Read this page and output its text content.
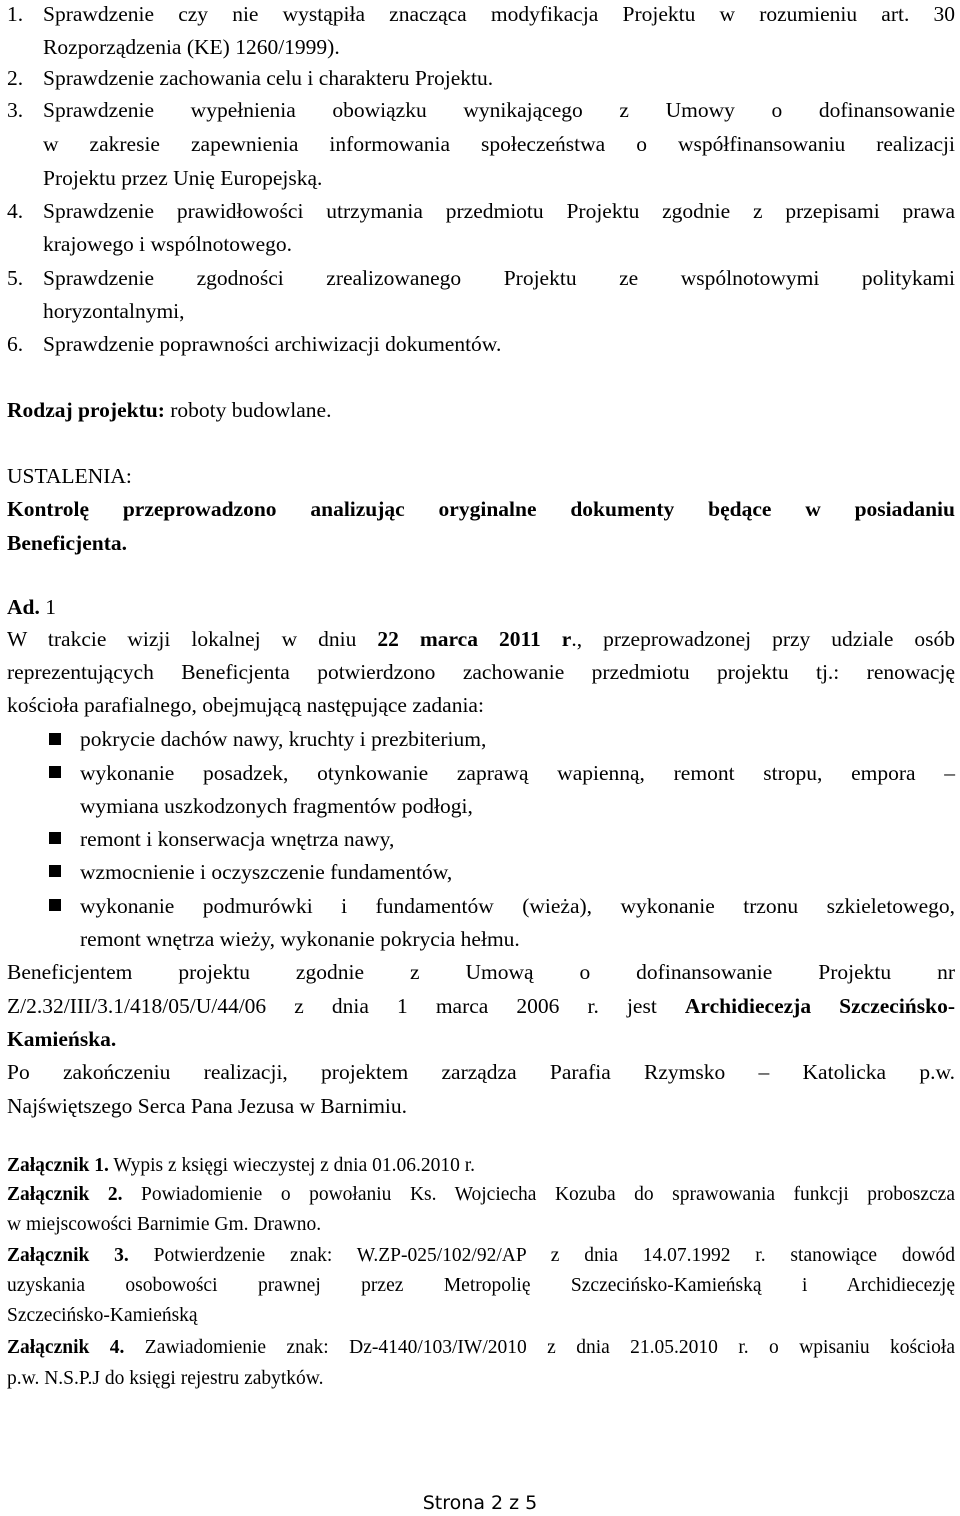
1. Sprawdzenie czy nie wystąpiła znacząca modyfikacja Projektu w rozumieniu art. 30
Rozporządzenia (KE) 1260/1999).
2. Sprawdzenie zachowania celu i charakteru Projektu.
3. Sprawdzenie wypełnienia obowiązku wynikającego z Umowy o dofinansowanie
w zakresie zapewnienia informowania społeczeństwa o współfinansowaniu realizacji
Projektu przez Unię Europejską.
4. Sprawdzenie prawidłowości utrzymania przedmiotu Projektu zgodnie z przepisami prawa
krajowego i wspólnotowego.
5. Sprawdzenie zgodności zrealizowanego Projektu ze wspólnotowymi politykami
horyzontalnymi,
6. Sprawdzenie poprawności archiwizacji dokumentów.
Rodzaj projektu: roboty budowlane.
USTALENIA:
Kontrolę przeprowadzono analizując oryginalne dokumenty będące w posiadaniu
Beneficjenta.
Ad. 1
W trakcie wizji lokalnej w dniu 22 marca 2011 r., przeprowadzonej przy udziale osób
reprezentujących Beneficjenta potwierdzono zachowanie przedmiotu projektu tj.: renowację
kościoła parafialnego, obejmującą następujące zadania:
pokrycie dachów nawy, kruchty i prezbiterium,
wykonanie posadzek, otynkowanie zaprawą wapienną, remont stropu, empora –
wymiana uszkodzonych fragmentów podłogi,
remont i konserwacja wnętrza nawy,
wzmocnienie i oczyszczenie fundamentów,
wykonanie podmurówki i fundamentów (wieża), wykonanie trzonu szkieletowego,
remont wnętrza wieży, wykonanie pokrycia hełmu.
Beneficjentem projektu zgodnie z Umową o dofinansowanie Projektu nr
Z/2.32/III/3.1/418/05/U/44/06 z dnia 1 marca 2006 r. jest Archidiecezja Szczecińsko-
Kamieńska.
Po zakończeniu realizacji, projektem zarządza Parafia Rzymsko – Katolicka p.w.
Najświętszego Serca Pana Jezusa w Barnimiu.
Załącznik 1. Wypis z księgi wieczystej z dnia 01.06.2010 r.
Załącznik 2. Powiadomienie o powołaniu Ks. Wojciecha Kozuba do sprawowania funkcji proboszcza
w miejscowości Barnimie Gm. Drawno.
Załącznik 3. Potwierdzenie znak: W.ZP-025/102/92/AP z dnia 14.07.1992 r. stanowiące dowód
uzyskania osobowości prawnej przez Metropolię Szczecińsko-Kamieńską i Archidiecezję
Szczecińsko-Kamieńską
Załącznik 4. Zawiadomienie znak: Dz-4140/103/IW/2010 z dnia 21.05.2010 r. o wpisaniu kościoła
p.w. N.S.P.J do księgi rejestru zabytków.
Strona 2 z 5
